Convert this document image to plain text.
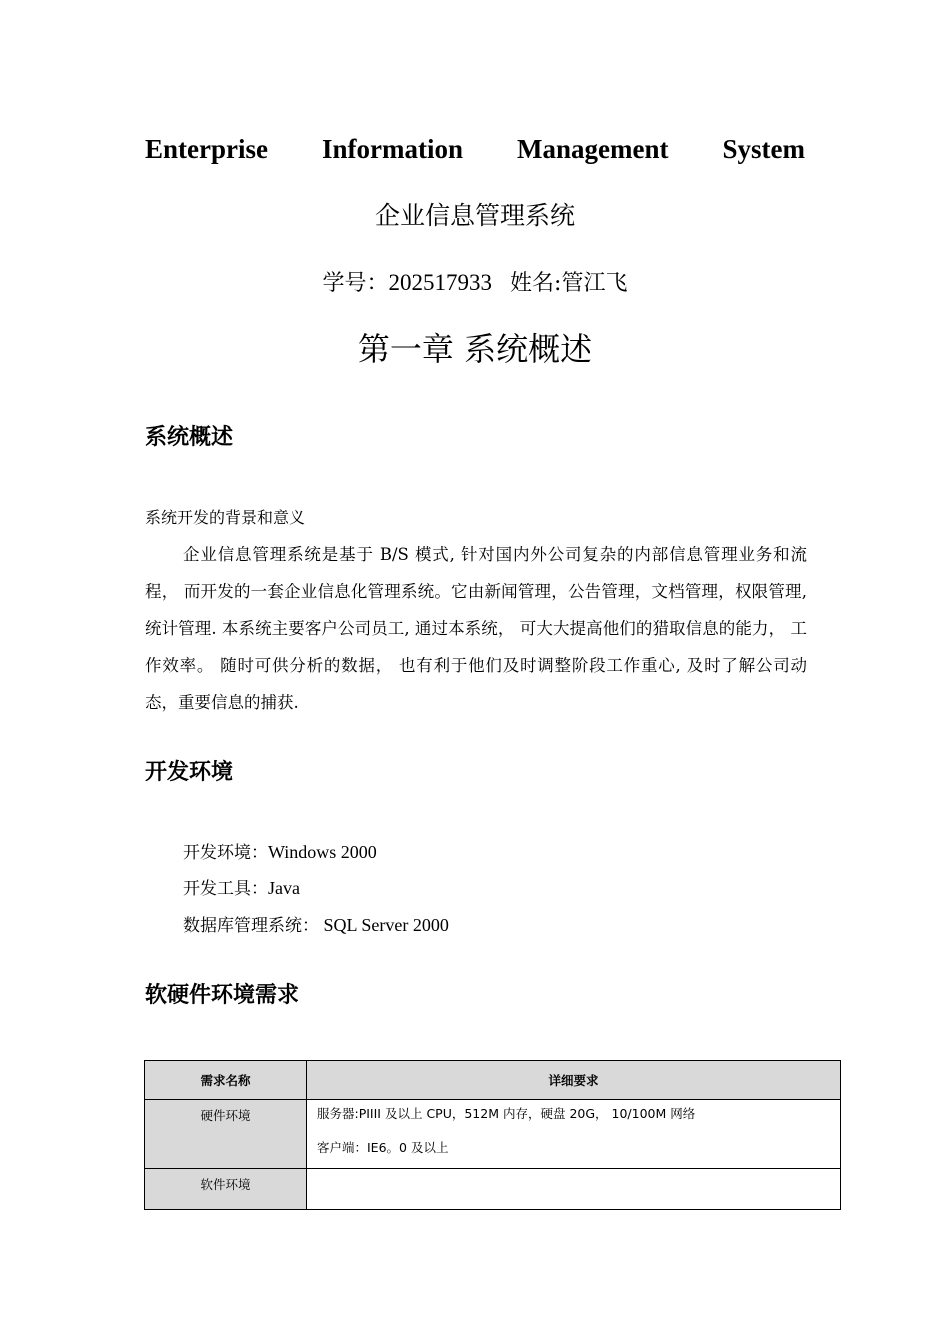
Enterprise Information Management System
企业信息管理系统
学号：202517933 姓名:管江飞
第一章 系统概述
系统概述
系统开发的背景和意义
企业信息管理系统是基于 B/S 模式, 针对国内外公司复杂的内部信息管理业务和流程， 而开发的一套企业信息化管理系统。它由新闻管理，公告管理，文档管理，权限管理,统计管理. 本系统主要客户公司员工, 通过本系统， 可大大提高他们的猎取信息的能力， 工作效率。 随时可供分析的数据， 也有利于他们及时调整阶段工作重心, 及时了解公司动态，重要信息的捕获.
开发环境
开发环境：Windows 2000
开发工具：Java
数据库管理系统： SQL Server 2000
软硬件环境需求
需求名称	详细要求
硬件环境	服务器:PIIII 及以上 CPU，512M 内存，硬盘 20G， 10/100M 网络
客户端：IE6。0 及以上

软件环境	
